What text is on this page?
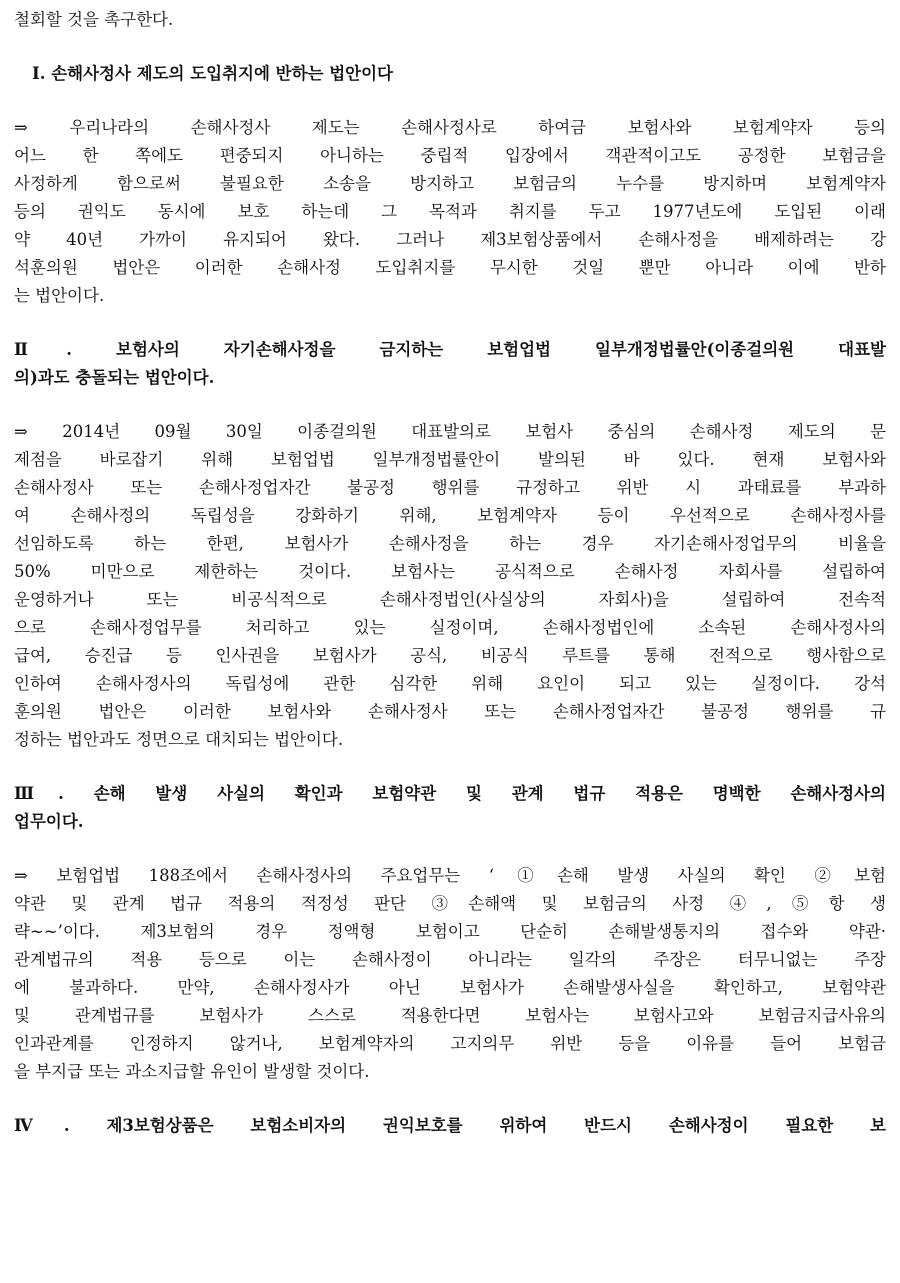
철회할 것을 촉구한다.
Ⅰ. 손해사정사 제도의 도입취지에 반하는 법안이다
⇒ 우리나라의 손해사정사 제도는 손해사정사로 하여금 보험사와 보험계약자 등의
어느 한 쪽에도 편중되지 아니하는 중립적 입장에서 객관적이고도 공정한 보험금을
사정하게 함으로써 불필요한 소송을 방지하고 보험금의 누수를 방지하며 보험계약자
등의 권익도 동시에 보호 하는데 그 목적과 취지를 두고 1977년도에 도입된 이래
약 40년 가까이 유지되어 왔다. 그러나 제3보험상품에서 손해사정을 배제하려는 강
석훈의원 법안은 이러한 손해사정 도입취지를 무시한 것일 뿐만 아니라 이에 반하
는 법안이다.
Ⅱ. 보험사의 자기손해사정을 금지하는 보험업법 일부개정법률안(이종걸의원 대표발
의)과도 충돌되는 법안이다.
⇒ 2014년 09월 30일 이종걸의원 대표발의로 보험사 중심의 손해사정 제도의 문
제점을 바로잡기 위해 보험업법 일부개정법률안이 발의된 바 있다. 현재 보험사와
손해사정사 또는 손해사정업자간 불공정 행위를 규정하고 위반 시 과태료를 부과하
여 손해사정의 독립성을 강화하기 위해, 보험계약자 등이 우선적으로 손해사정사를
선임하도록 하는 한편, 보험사가 손해사정을 하는 경우 자기손해사정업무의 비율을
50% 미만으로 제한하는 것이다. 보험사는 공식적으로 손해사정 자회사를 설립하여
운영하거나 또는 비공식적으로 손해사정법인(사실상의 자회사)을 설립하여 전속적
으로 손해사정업무를 처리하고 있는 실정이며, 손해사정법인에 소속된 손해사정사의
급여, 승진급 등 인사권을 보험사가 공식, 비공식 루트를 통해 전적으로 행사함으로
인하여 손해사정사의 독립성에 관한 심각한 위해 요인이 되고 있는 실정이다. 강석
훈의원 법안은 이러한 보험사와 손해사정사 또는 손해사정업자간 불공정 행위를 규
정하는 법안과도 정면으로 대치되는 법안이다.
Ⅲ. 손해 발생 사실의 확인과 보험약관 및 관계 법규 적용은 명백한 손해사정사의
업무이다.
⇒ 보험업법 188조에서 손해사정사의 주요업무는 ‘①손해 발생 사실의 확인 ②보험
약관 및 관계 법규 적용의 적정성 판단 ③손해액 및 보험금의 사정 ④,⑤항 생
략~~’이다. 제3보험의 경우 정액형 보험이고 단순히 손해발생통지의 접수와 약관·
관계법규의 적용 등으로 이는 손해사정이 아니라는 일각의 주장은 터무니없는 주장
에 불과하다. 만약, 손해사정사가 아닌 보험사가 손해발생사실을 확인하고, 보험약관
및 관계법규를 보험사가 스스로 적용한다면 보험사는 보험사고와 보험금지급사유의
인과관계를 인정하지 않거나, 보험계약자의 고지의무 위반 등을 이유를 들어 보험금
을 부지급 또는 과소지급할 유인이 발생할 것이다.
Ⅳ. 제3보험상품은 보험소비자의 권익보호를 위하여 반드시 손해사정이 필요한 보
